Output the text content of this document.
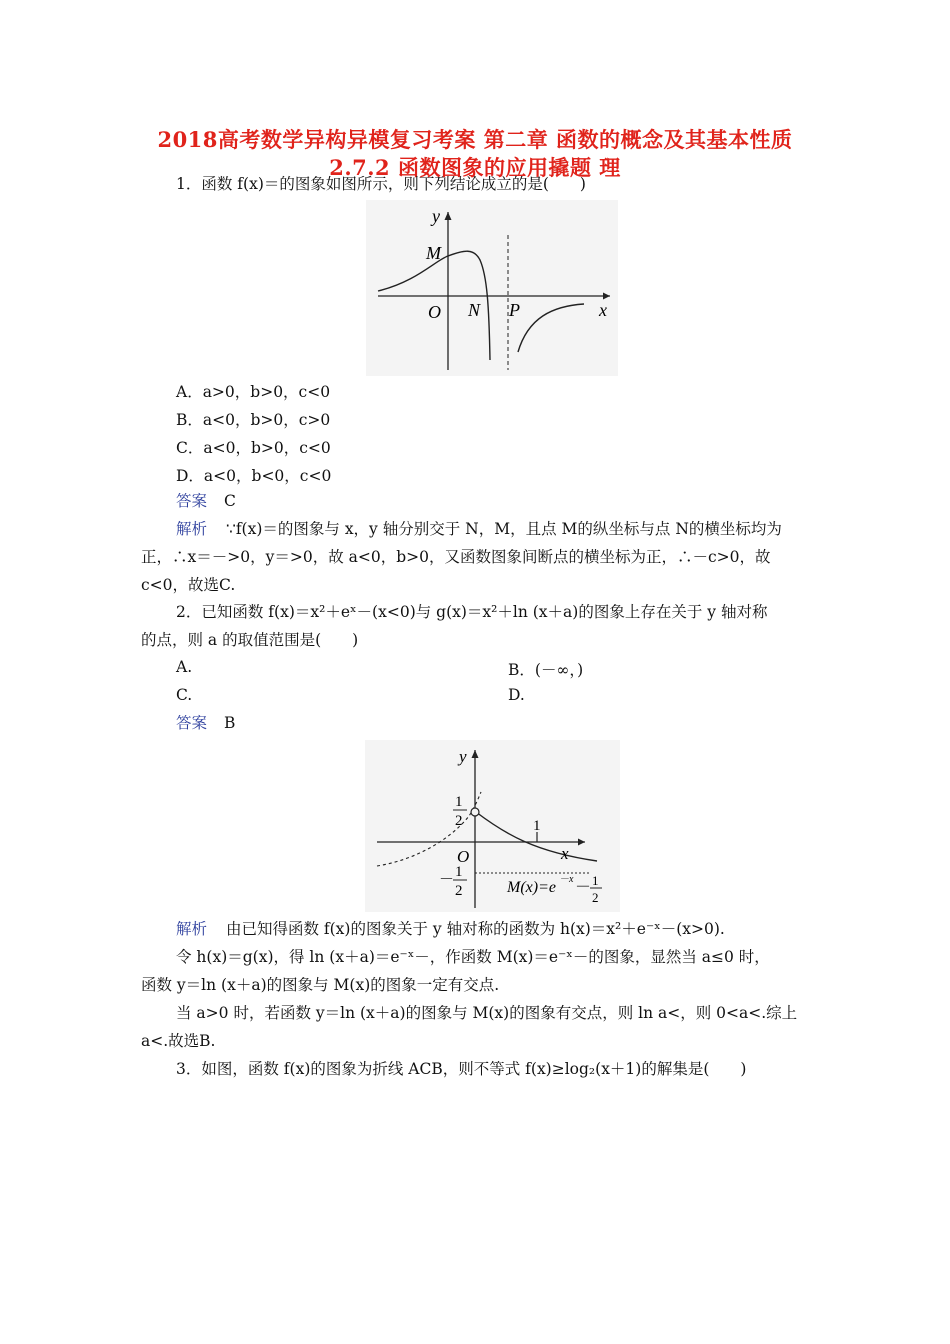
2018高考数学异构异模复习考案 第二章 函数的概念及其基本性质
2.7.2 函数图象的应用撬题 理
1．函数 f(x)＝的图象如图所示，则下列结论成立的是(　　)
y
x
M
O N P
A．a>0，b>0，c<0
B．a<0，b>0，c>0
C．a<0，b>0，c<0
D．a<0，b<0，c<0
答案 C
解析 ∵f(x)＝的图象与 x，y 轴分别交于 N，M，且点 M的纵坐标与点 N的横坐标均为
正，∴x＝－>0，y＝>0，故 a<0，b>0，又函数图象间断点的横坐标为正，∴－c>0，故
c<0，故选C.
2．已知函数 f(x)＝x²＋eˣ－(x<0)与 g(x)＝x²＋ln (x＋a)的图象上存在关于 y 轴对称
的点，则 a 的取值范围是(　　)
A.	B．(－∞，)
C.	D.
答案 B
y
x
O
1
2	1
－ 1
2	M(x)=e －x － 1
2
解析 由已知得函数 f(x)的图象关于 y 轴对称的函数为 h(x)＝x²＋e⁻ˣ－(x>0).
令 h(x)＝g(x)，得 ln (x＋a)＝e⁻ˣ－，作函数 M(x)＝e⁻ˣ－的图象，显然当 a≤0 时，
函数 y＝ln (x＋a)的图象与 M(x)的图象一定有交点.
当 a>0 时，若函数 y＝ln (x＋a)的图象与 M(x)的图象有交点，则 ln a<，则 0<a<.综上
a<.故选B.
3．如图，函数 f(x)的图象为折线 ACB，则不等式 f(x)≥log₂(x＋1)的解集是(　　)
